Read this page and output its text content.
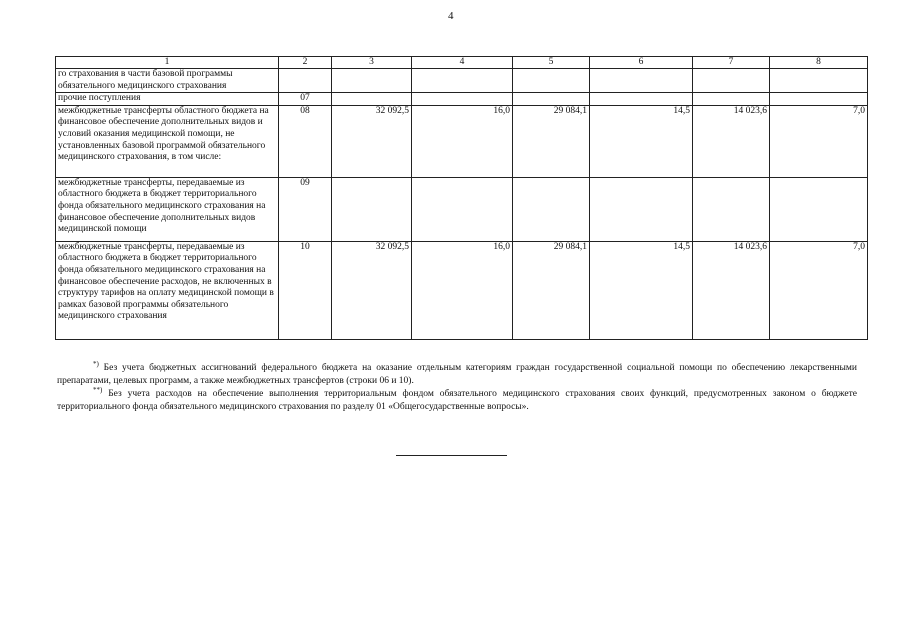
4
1	2	3	4	5	6	7	8
го страхования в части базовой программы обязательного медицинского страхования							
прочие поступления	07						
межбюджетные трансферты областного бюджета на финансовое обеспечение дополнительных видов и условий оказания медицинской помощи, не установленных базовой программой обязательного медицинского страхования, в том числе:	08	32 092,5	16,0	29 084,1	14,5	14 023,6	7,0
межбюджетные трансферты, передаваемые из областного бюджета в бюджет территориального фонда обязательного медицинского страхования на финансовое обеспечение дополнительных видов медицинской помощи	09						
межбюджетные трансферты, передаваемые из областного бюджета в бюджет территориального фонда обязательного медицинского страхования на финансовое обеспечение расходов, не включенных в структуру тарифов на оплату медицинской помощи в рамках базовой программы обязательного медицинского страхования	10	32 092,5	16,0	29 084,1	14,5	14 023,6	7,0

*) Без учета бюджетных ассигнований федерального бюджета на оказание отдельным категориям граждан государственной социальной помощи по обеспечению лекарственными препаратами, целевых программ, а также межбюджетных трансфертов (строки 06 и 10).

**) Без учета расходов на обеспечение выполнения территориальным фондом обязательного медицинского страхования своих функций, предусмотренных законом о бюджете территориального фонда обязательного медицинского страхования по разделу 01 «Общегосударственные вопросы».
